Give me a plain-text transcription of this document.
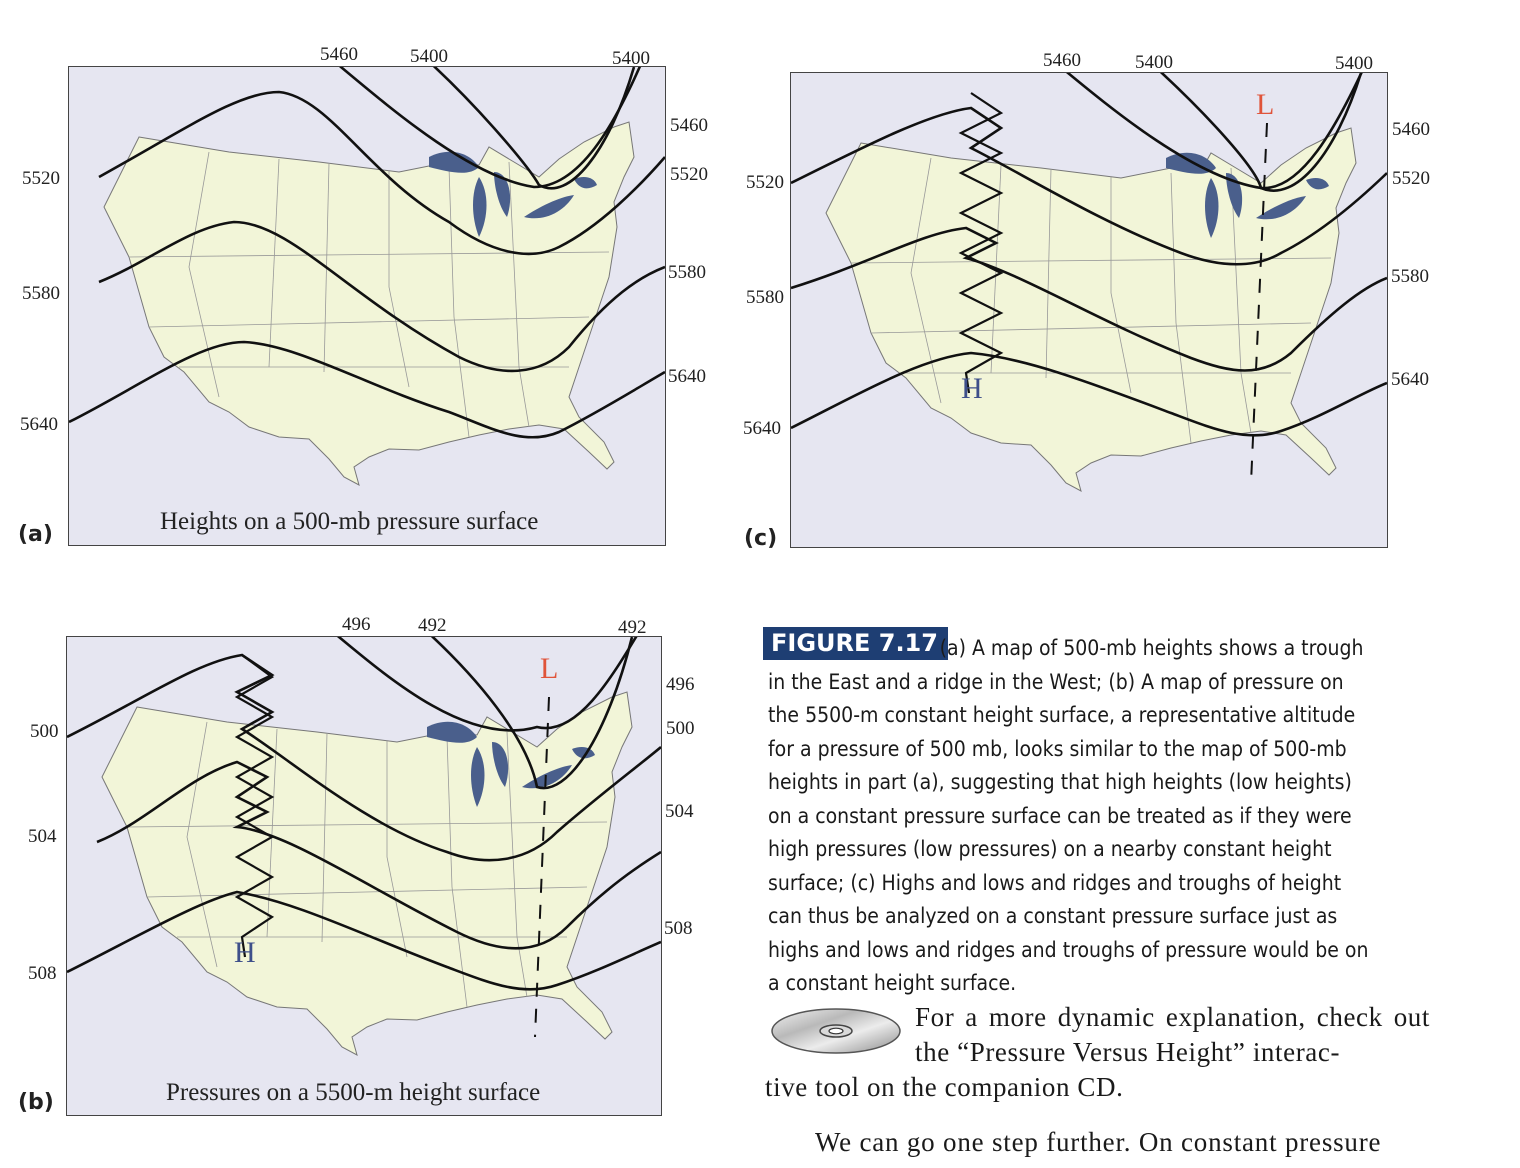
5460	5400	5400
5520
5580
5640
5460
5520
5580
5640
Heights on a 500-mb pressure surface
(a)
496	492	492
500
504
508
496
500
504
508
L
H
Pressures on a 5500-m height surface
(b)
5460	5400	5400
5520
5580
5640
5460
5520
5580
5640
L
H
(c)
FIGURE 7.17 (a) A map of 500-mb heights shows a trough in the East and a ridge in the West; (b) A map of pressure on the 5500-m constant height surface, a representative altitude for a pressure of 500 mb, looks similar to the map of 500-mb heights in part (a), suggesting that high heights (low heights) on a constant pressure surface can be treated as if they were high pressures (low pressures) on a nearby constant height surface; (c) Highs and lows and ridges and troughs of height can thus be analyzed on a constant pressure surface just as highs and lows and ridges and troughs of pressure would be on a constant height surface.
For a more dynamic explanation, check out the “Pressure Versus Height” interac-
tive tool on the companion CD.
We can go one step further. On constant pressure
